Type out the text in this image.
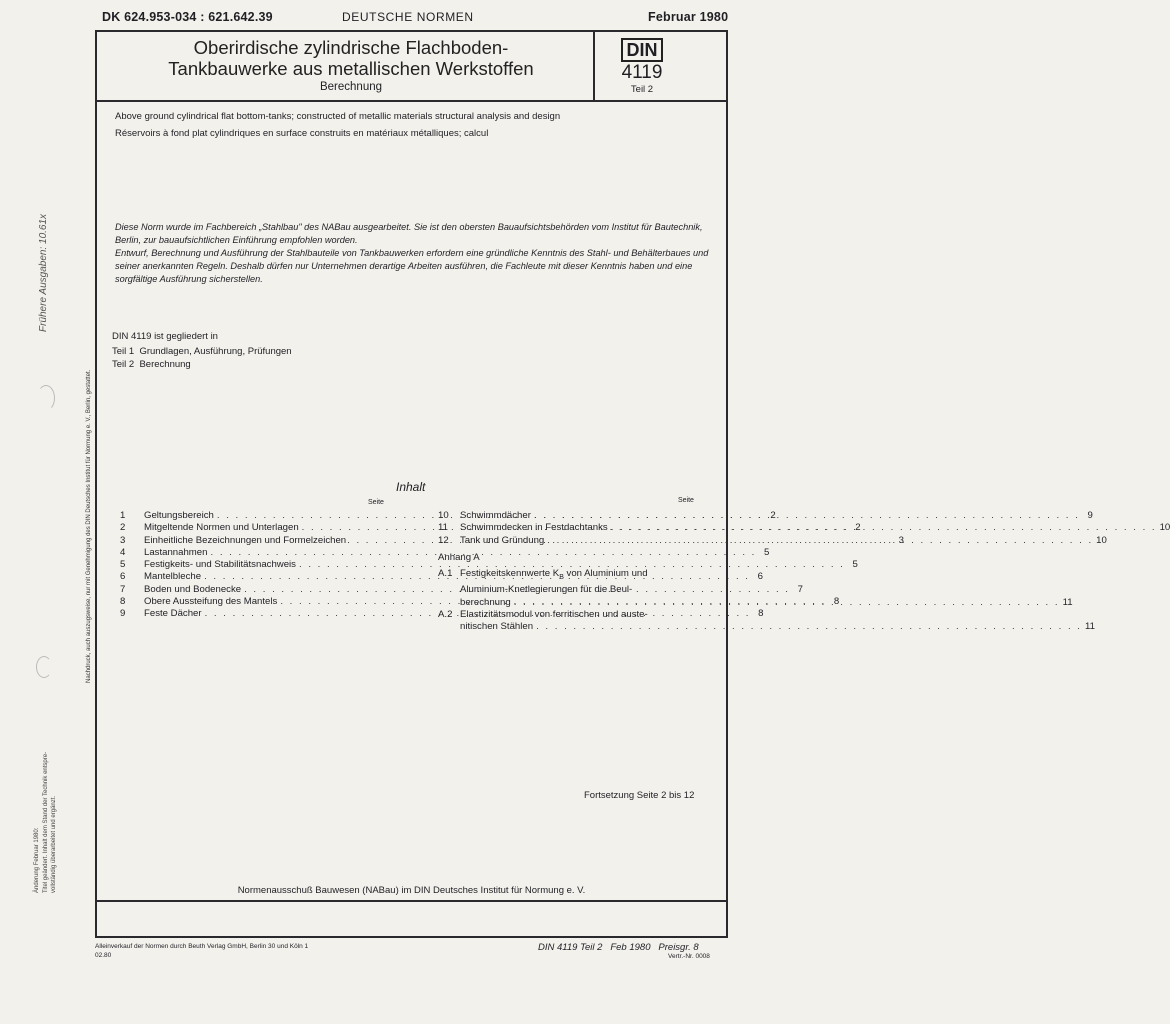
DK 624.953-034 : 621.642.39	DEUTSCHE NORMEN	Februar 1980
Oberirdische zylindrische Flachboden-
Tankbauwerke aus metallischen Werkstoffen
Berechnung
DIN
4119
Teil 2
Above ground cylindrical flat bottom-tanks; constructed of metallic materials structural analysis and design
Réservoirs à fond plat cylindriques en surface construits en matériaux métalliques; calcul

Diese Norm wurde im Fachbereich „Stahlbau" des NABau ausgearbeitet. Sie ist den obersten Bauaufsichtsbehörden vom Institut für Bautechnik, Berlin, zur bauaufsichtlichen Einführung empfohlen worden.

Entwurf, Berechnung und Ausführung der Stahlbauteile von Tankbauwerken erfordern eine gründliche Kenntnis des Stahl- und Behälterbaues und seiner anerkannten Regeln. Deshalb dürfen nur Unternehmen derartige Arbeiten ausführen, die Fachleute mit dieser Kenntnis haben und eine sorgfältige Ausführung sicherstellen.

DIN 4119 ist gegliedert in
Teil 1 Grundlagen, Ausführung, Prüfungen
Teil 2 Berechnung
Inhalt
Seite	Seite
1	Geltungsbereich . . .	2
2	Mitgeltende Normen und Unterlagen . . .	2
3	Einheitliche Bezeichnungen und Formelzeichen . . .	3
4	Lastannahmen . . .	5
5	Festigkeits- und Stabilitätsnachweis . . .	5
6	Mantelbleche . . .	6
7	Boden und Bodenecke . . .	7
8	Obere Aussteifung des Mantels . . .	8
9	Feste Dächer . . .	8
10	Schwimmdächer . . .	9
11	Schwimmdecken in Festdachtanks . . .	10
12	Tank und Gründung . . .	10
Anhang A
A.1 Festigkeitskennwerte $K_B$ von Aluminium und
Aluminium-Knetlegierungen für die Beul-
berechnung . . .	11
A.2 Elastizitätsmodul von ferritischen und auste-
nitischen Stählen . . .	11
Fortsetzung Seite 2 bis 12
Normenausschuß Bauwesen (NABau) im DIN Deutsches Institut für Normung e. V.
Alleinverkauf der Normen durch Beuth Verlag GmbH, Berlin 30 und Köln 1
02.80
DIN 4119 Teil 2   Feb 1980   Preisgr. 8
Vertr.-Nr. 0008
Frühere Ausgaben: 10.61x
Nachdruck, auch auszugsweise, nur mit Genehmigung des DIN Deutsches Institut für Normung e. V., Berlin, gestattet.
Änderung Februar 1980: Titel geändert. Inhalt dem Stand der Technik entspre- vollständig überarbeitet und ergänzt.
